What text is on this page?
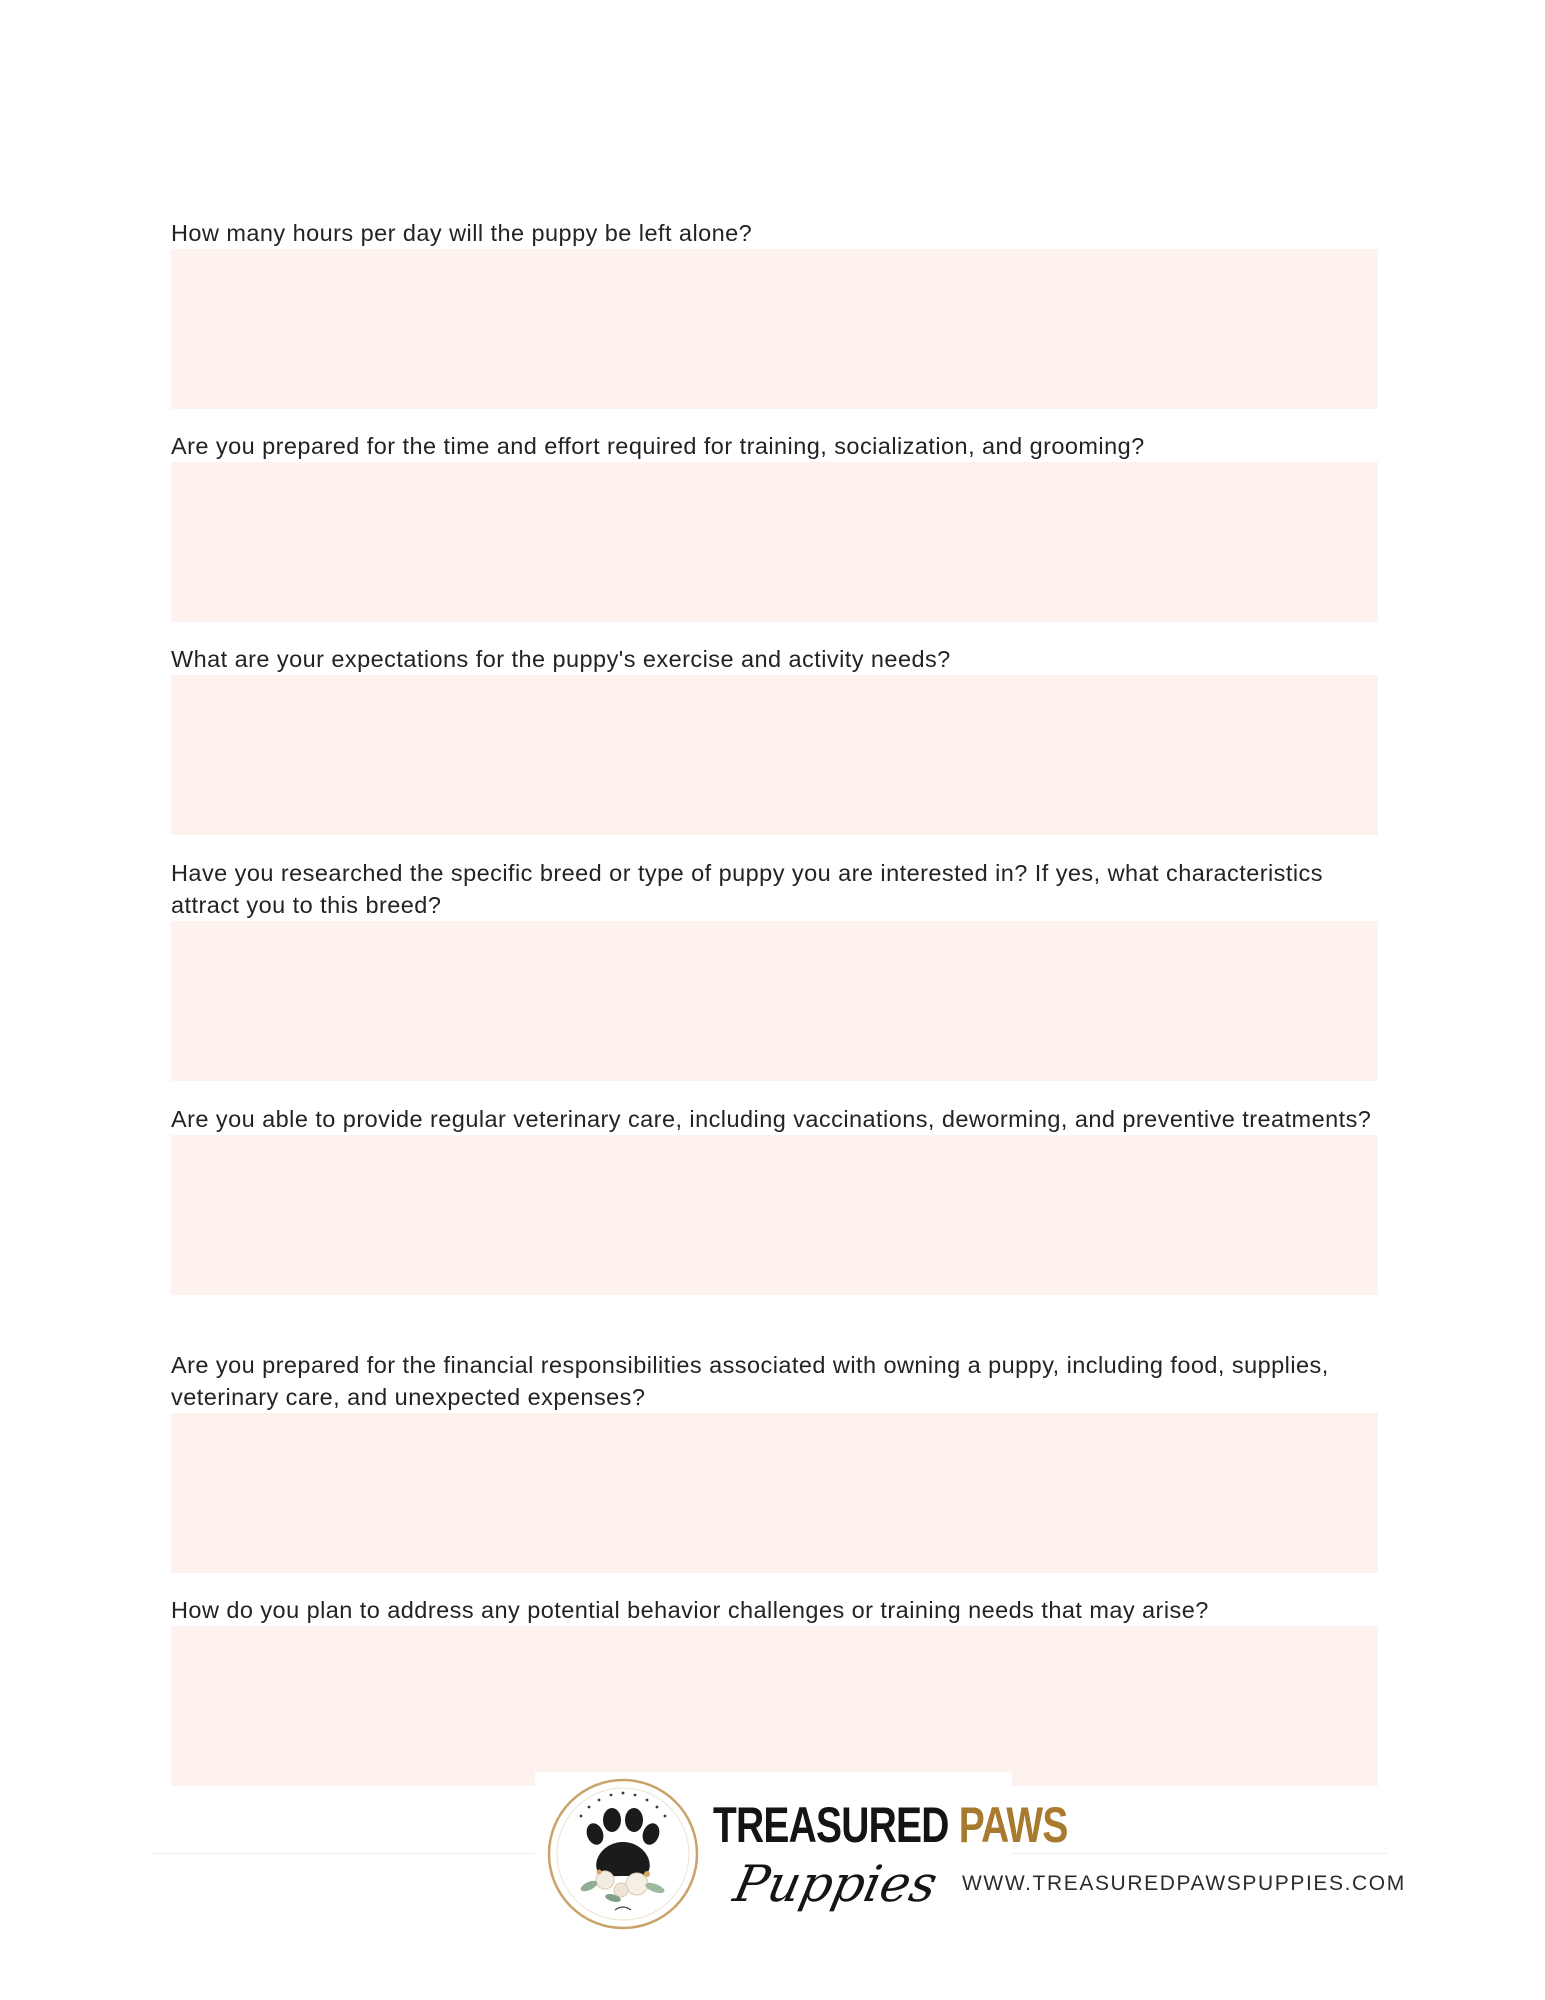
How many hours per day will the puppy be left alone?

Are you prepared for the time and effort required for training, socialization, and grooming?

What are your expectations for the puppy's exercise and activity needs?

Have you researched the specific breed or type of puppy you are interested in? If yes, what characteristics attract you to this breed?

Are you able to provide regular veterinary care, including vaccinations, deworming, and preventive treatments?

Are you prepared for the financial responsibilities associated with owning a puppy, including food, supplies, veterinary care, and unexpected expenses?

How do you plan to address any potential behavior challenges or training needs that may arise?

TREASURED PAWS
Puppies WWW.TREASUREDPAWSPUPPIES.COM
